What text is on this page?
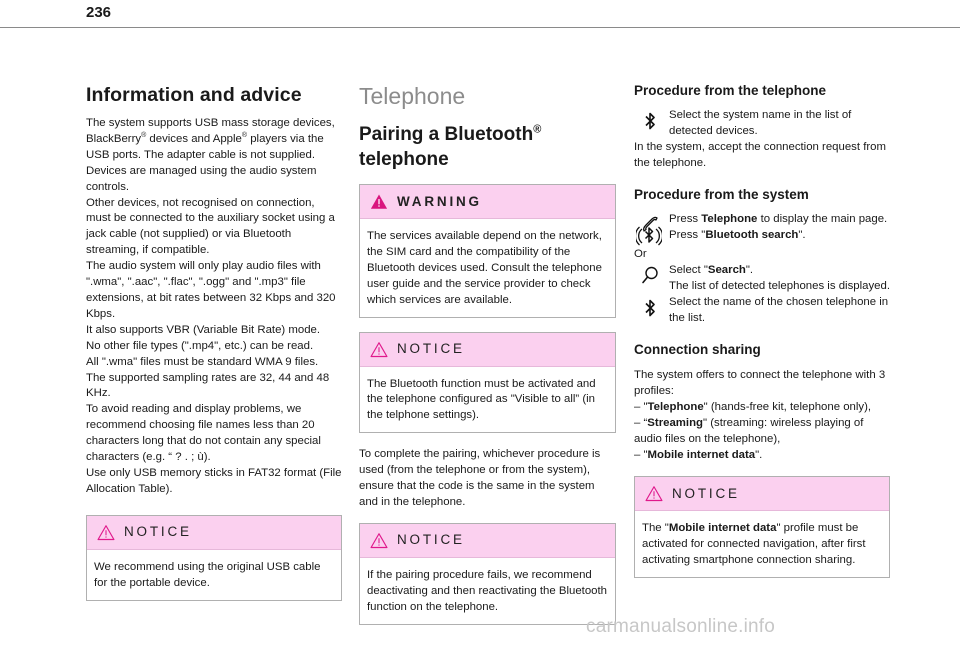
236
Information and advice

The system supports USB mass storage devices, BlackBerry® devices and Apple® players via the USB ports. The adapter cable is not supplied.

Devices are managed using the audio system controls.

Other devices, not recognised on connection, must be connected to the auxiliary socket using a jack cable (not supplied) or via Bluetooth streaming, if compatible.

The audio system will only play audio files with ".wma", ".aac", ".flac", ".ogg" and ".mp3" file extensions, at bit rates between 32 Kbps and 320 Kbps.

It also supports VBR (Variable Bit Rate) mode.

No other file types (".mp4", etc.) can be read.

All ".wma" files must be standard WMA 9 files.

The supported sampling rates are 32, 44 and 48 KHz.

To avoid reading and display problems, we recommend choosing file names less than 20 characters long that do not contain any special characters (e.g. “ ? . ; ù).

Use only USB memory sticks in FAT32 format (File Allocation Table).

NOTICE
We recommend using the original USB cable for the portable device.
Telephone
Pairing a Bluetooth®
telephone
WARNING
The services available depend on the network, the SIM card and the compatibility of the Bluetooth devices used. Consult the telephone user guide and the service provider to check which services are available.
NOTICE
The Bluetooth function must be activated and the telephone configured as "Visible to all” (in the telphone settings).
To complete the pairing, whichever procedure is used (from the telephone or from the system), ensure that the code is the same in the system and in the telephone.
NOTICE
If the pairing procedure fails, we recommend deactivating and then reactivating the Bluetooth function on the telephone.
Procedure from the telephone
Select the system name in the list of detected devices.
In the system, accept the connection request from the telephone.
Procedure from the system
Press Telephone to display the main page.
Press "Bluetooth search".
Or
Select "Search".
The list of detected telephones is displayed.
Select the name of the chosen telephone in the list.
Connection sharing
The system offers to connect the telephone with 3 profiles:
– "Telephone" (hands-free kit, telephone only),
– “Streaming" (streaming: wireless playing of audio files on the telephone),
– "Mobile internet data".
NOTICE
The "Mobile internet data" profile must be activated for connected navigation, after first activating smartphone connection sharing.
carmanualsonline.info
